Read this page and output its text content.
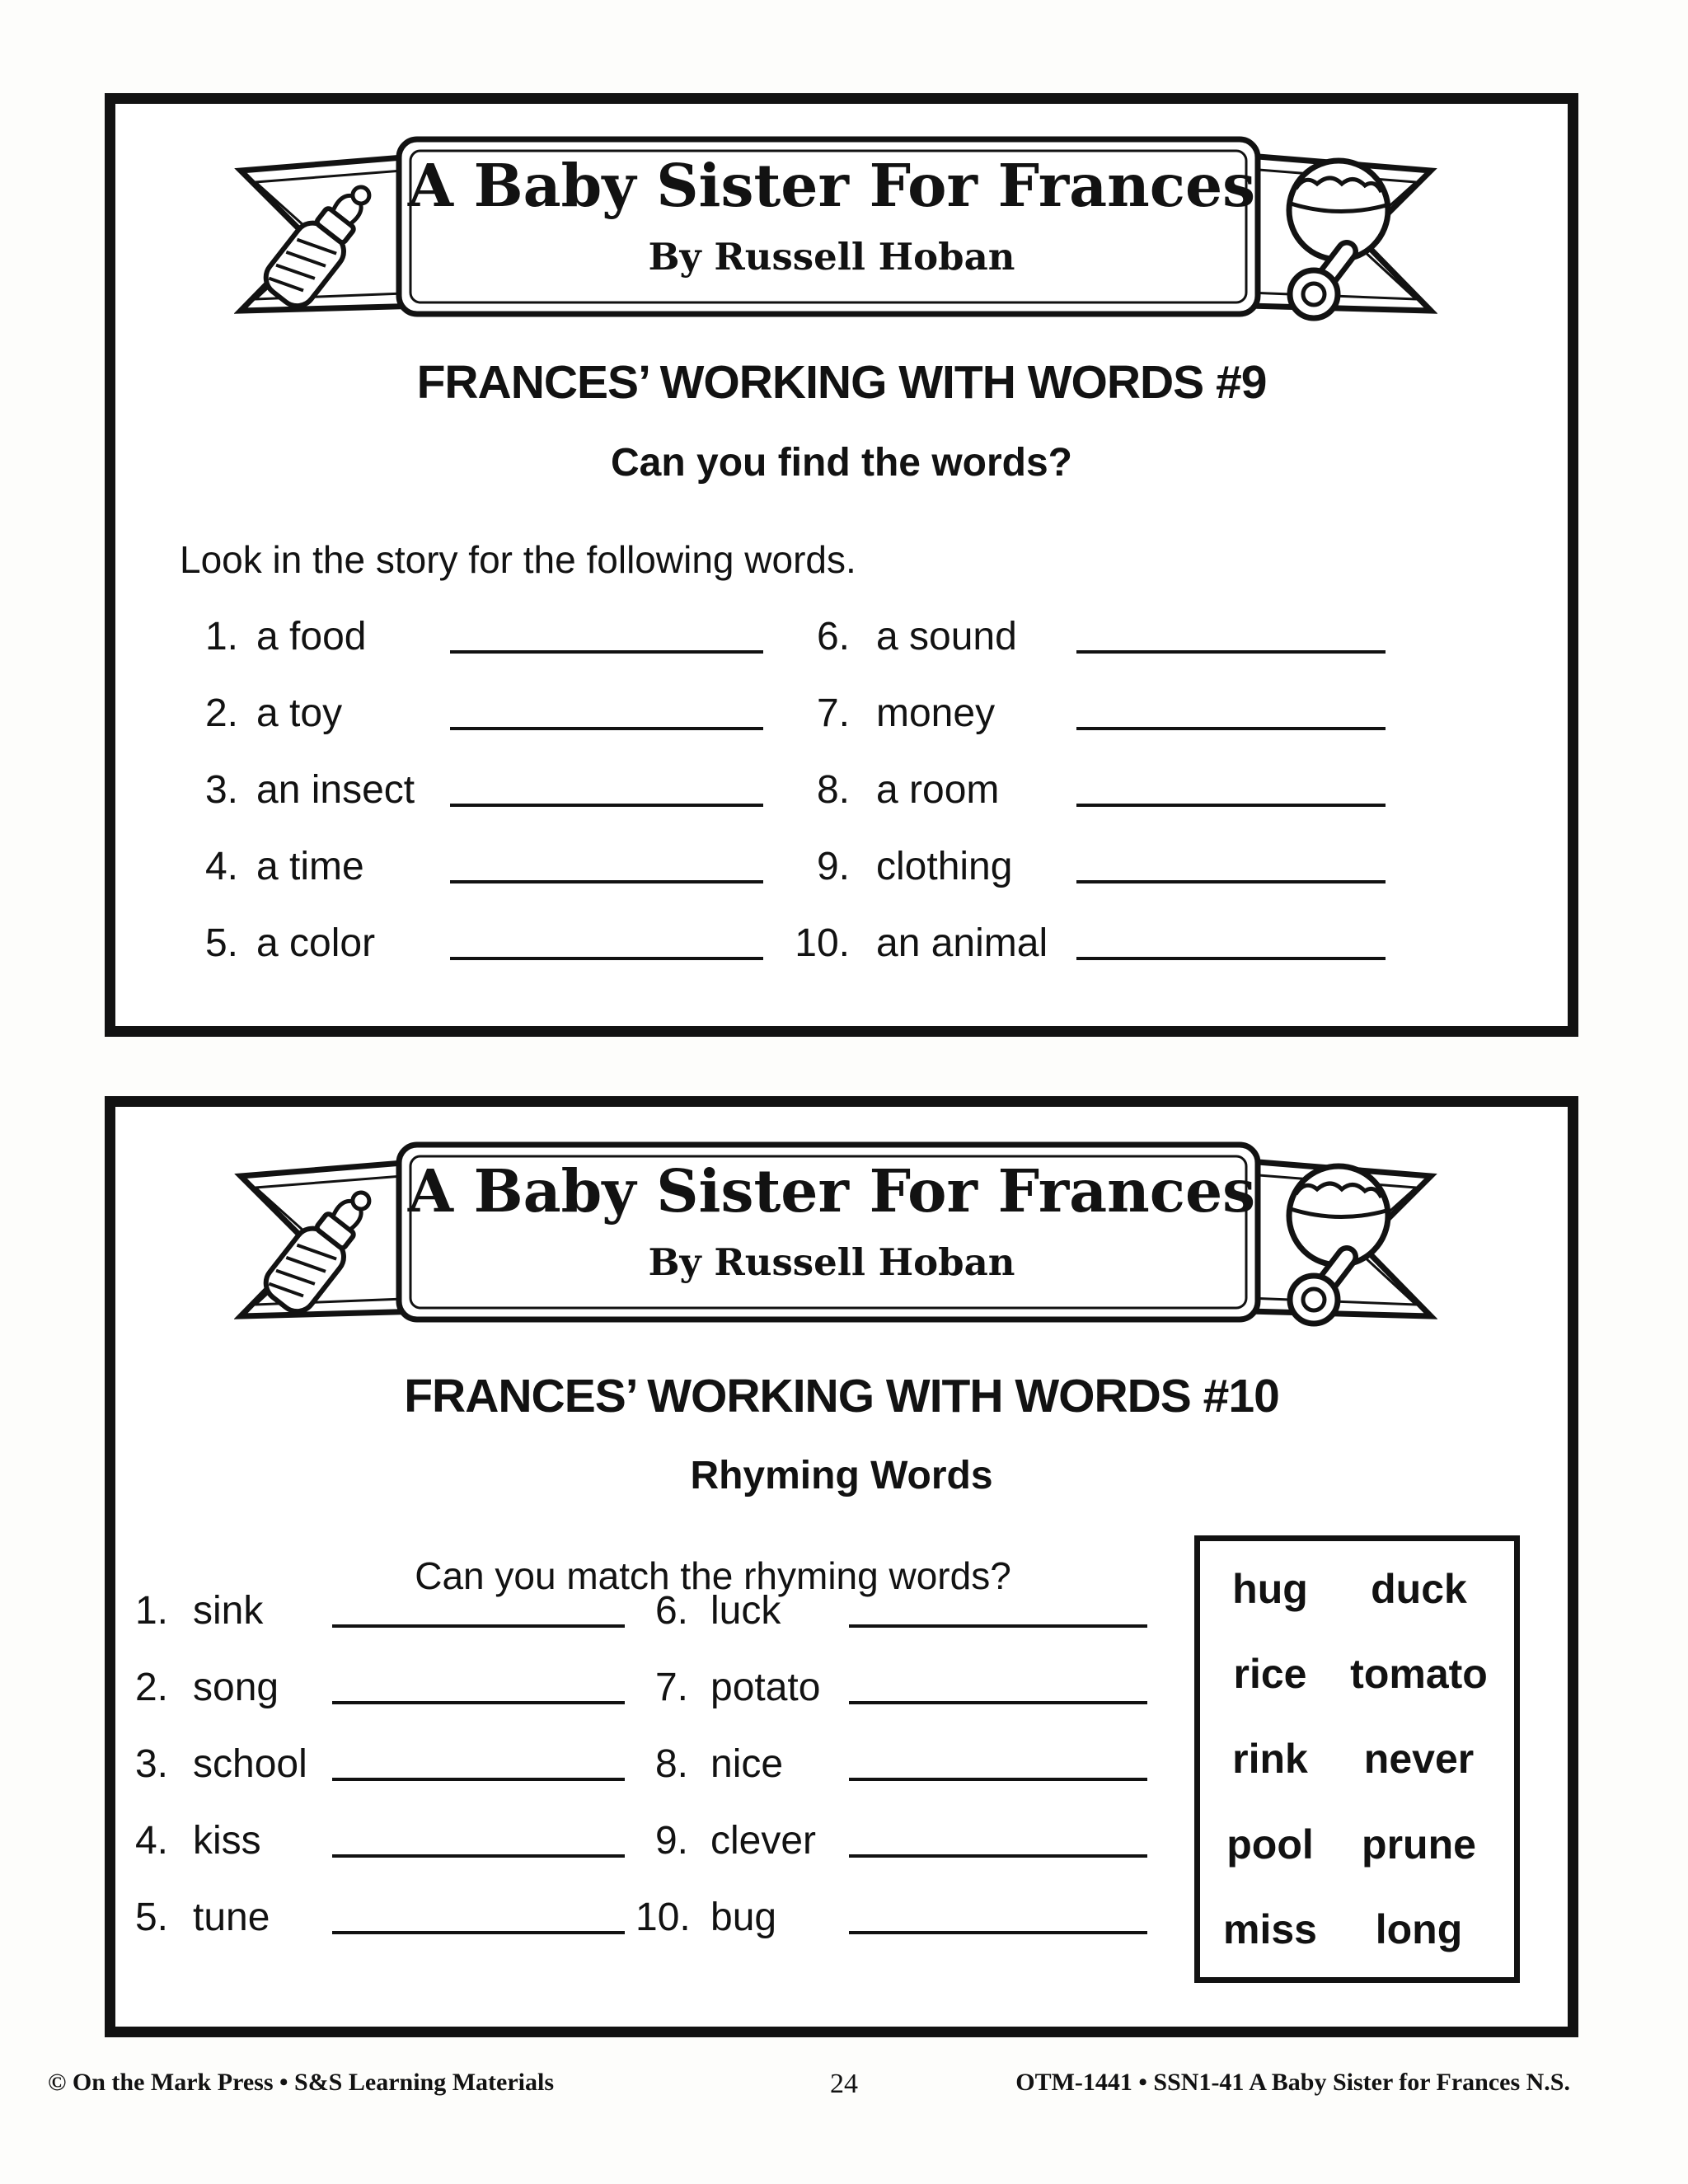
A Baby Sister For Frances
By Russell Hoban
FRANCES’ WORKING WITH WORDS #9
Can you find the words?

Look in the story for the following words.

1. a food
2. a toy
3. an insect
4. a time
5. a color
6. a sound
7. money
8. a room
9. clothing
10. an animal
A Baby Sister For Frances
By Russell Hoban
FRANCES’ WORKING WITH WORDS #10
Rhyming Words

Can you match the rhyming words?	hug	duck
rice	tomato
rink	never
pool	prune
miss	long
1. sink
2. song
3. school
4. kiss
5. tune
6. luck
7. potato
8. nice
9. clever
10. bug
© On the Mark Press • S&S Learning Materials	24	OTM-1441 • SSN1-41 A Baby Sister for Frances N.S.
